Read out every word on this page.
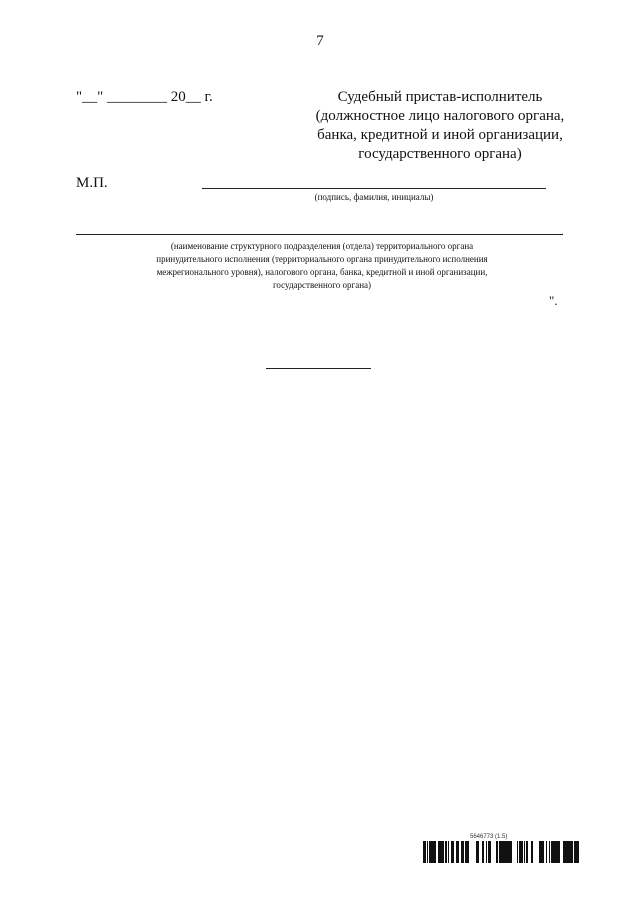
7
"__" ________ 20__ г.	Судебный пристав-исполнитель
(должностное лицо налогового органа,
банка, кредитной и иной организации,
государственного органа)
М.П.
(подпись, фамилия, инициалы)
.
(наименование структурного подразделения (отдела) территориального органа
принудительного исполнения (территориального органа принудительного исполнения
межрегионального уровня), налогового органа, банка, кредитной и иной организации,
государственного органа)
".
5646773 (1.5)
